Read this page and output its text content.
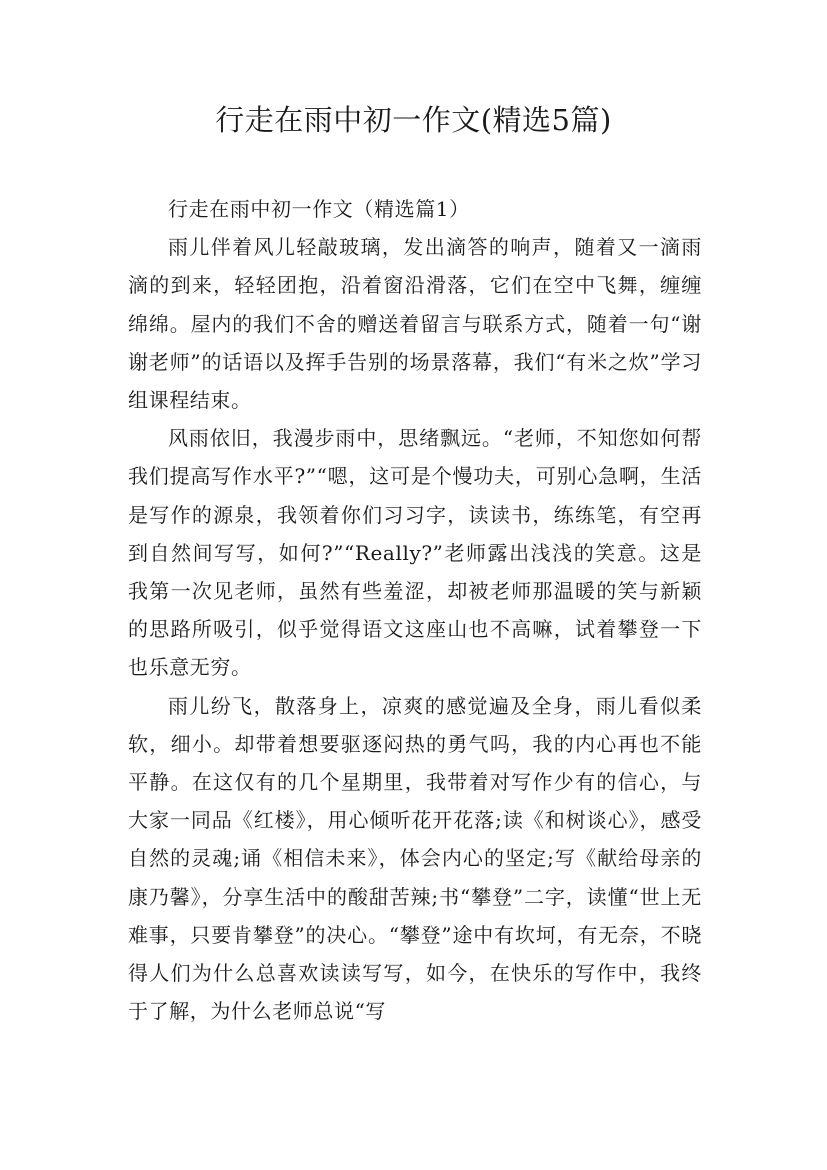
行走在雨中初一作文(精选5篇)

行走在雨中初一作文（精选篇1）

雨儿伴着风儿轻敲玻璃，发出滴答的响声，随着又一滴雨滴的到来，轻轻团抱，沿着窗沿滑落，它们在空中飞舞，缠缠绵绵。屋内的我们不舍的赠送着留言与联系方式，随着一句“谢谢老师”的话语以及挥手告别的场景落幕，我们“有米之炊”学习组课程结束。

风雨依旧，我漫步雨中，思绪飘远。“老师，不知您如何帮我们提高写作水平?”“嗯，这可是个慢功夫，可别心急啊，生活是写作的源泉，我领着你们习习字，读读书，练练笔，有空再到自然间写写，如何?”“Really?”老师露出浅浅的笑意。这是我第一次见老师，虽然有些羞涩，却被老师那温暖的笑与新颖的思路所吸引，似乎觉得语文这座山也不高嘛，试着攀登一下也乐意无穷。

雨儿纷飞，散落身上，凉爽的感觉遍及全身，雨儿看似柔软，细小。却带着想要驱逐闷热的勇气吗，我的内心再也不能平静。在这仅有的几个星期里，我带着对写作少有的信心，与大家一同品《红楼》，用心倾听花开花落;读《和树谈心》，感受自然的灵魂;诵《相信未来》，体会内心的坚定;写《献给母亲的康乃馨》，分享生活中的酸甜苦辣;书“攀登”二字，读懂“世上无难事，只要肯攀登”的决心。“攀登”途中有坎坷，有无奈，不晓得人们为什么总喜欢读读写写，如今，在快乐的写作中，我终于了解，为什么老师总说“写
